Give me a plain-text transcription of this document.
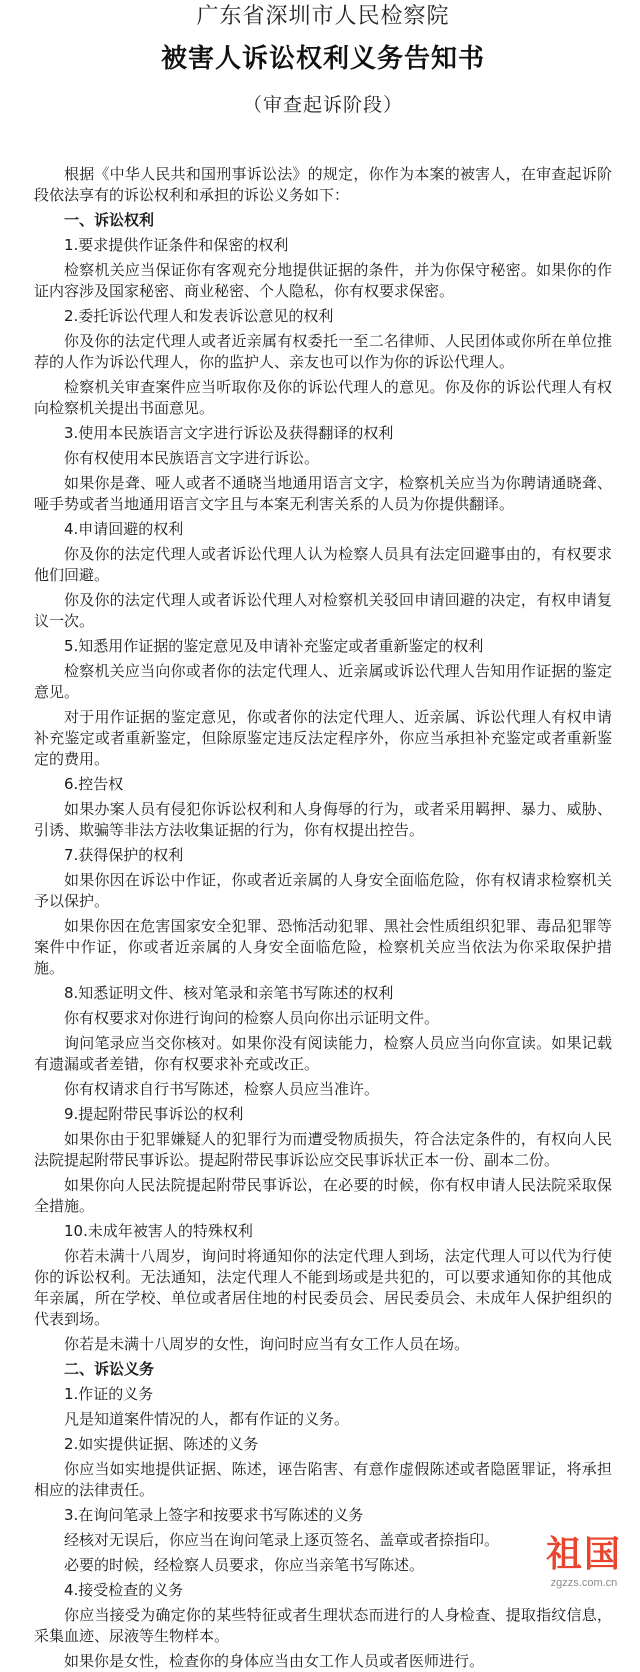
广东省深圳市人民检察院
被害人诉讼权利义务告知书
（审查起诉阶段）

根据《中华人民共和国刑事诉讼法》的规定，你作为本案的被害人，在审查起诉阶段依法享有的诉讼权利和承担的诉讼义务如下：

一、诉讼权利

1.要求提供作证条件和保密的权利

检察机关应当保证你有客观充分地提供证据的条件，并为你保守秘密。如果你的作证内容涉及国家秘密、商业秘密、个人隐私，你有权要求保密。

2.委托诉讼代理人和发表诉讼意见的权利

你及你的法定代理人或者近亲属有权委托一至二名律师、人民团体或你所在单位推荐的人作为诉讼代理人，你的监护人、亲友也可以作为你的诉讼代理人。

检察机关审查案件应当听取你及你的诉讼代理人的意见。你及你的诉讼代理人有权向检察机关提出书面意见。

3.使用本民族语言文字进行诉讼及获得翻译的权利

你有权使用本民族语言文字进行诉讼。

如果你是聋、哑人或者不通晓当地通用语言文字，检察机关应当为你聘请通晓聋、哑手势或者当地通用语言文字且与本案无利害关系的人员为你提供翻译。

4.申请回避的权利

你及你的法定代理人或者诉讼代理人认为检察人员具有法定回避事由的，有权要求他们回避。

你及你的法定代理人或者诉讼代理人对检察机关驳回申请回避的决定，有权申请复议一次。

5.知悉用作证据的鉴定意见及申请补充鉴定或者重新鉴定的权利

检察机关应当向你或者你的法定代理人、近亲属或诉讼代理人告知用作证据的鉴定意见。

对于用作证据的鉴定意见，你或者你的法定代理人、近亲属、诉讼代理人有权申请补充鉴定或者重新鉴定，但除原鉴定违反法定程序外，你应当承担补充鉴定或者重新鉴定的费用。

6.控告权

如果办案人员有侵犯你诉讼权利和人身侮辱的行为，或者采用羁押、暴力、威胁、引诱、欺骗等非法方法收集证据的行为，你有权提出控告。

7.获得保护的权利

如果你因在诉讼中作证，你或者近亲属的人身安全面临危险，你有权请求检察机关予以保护。

如果你因在危害国家安全犯罪、恐怖活动犯罪、黑社会性质组织犯罪、毒品犯罪等案件中作证，你或者近亲属的人身安全面临危险，检察机关应当依法为你采取保护措施。

8.知悉证明文件、核对笔录和亲笔书写陈述的权利

你有权要求对你进行询问的检察人员向你出示证明文件。

询问笔录应当交你核对。如果你没有阅读能力，检察人员应当向你宣读。如果记载有遗漏或者差错，你有权要求补充或改正。

你有权请求自行书写陈述，检察人员应当准许。

9.提起附带民事诉讼的权利

如果你由于犯罪嫌疑人的犯罪行为而遭受物质损失，符合法定条件的，有权向人民法院提起附带民事诉讼。提起附带民事诉讼应交民事诉状正本一份、副本二份。

如果你向人民法院提起附带民事诉讼，在必要的时候，你有权申请人民法院采取保全措施。

10.未成年被害人的特殊权利

你若未满十八周岁，询问时将通知你的法定代理人到场，法定代理人可以代为行使你的诉讼权利。无法通知，法定代理人不能到场或是共犯的，可以要求通知你的其他成年亲属，所在学校、单位或者居住地的村民委员会、居民委员会、未成年人保护组织的代表到场。

你若是未满十八周岁的女性，询问时应当有女工作人员在场。

二、诉讼义务

1.作证的义务

凡是知道案件情况的人，都有作证的义务。

2.如实提供证据、陈述的义务

你应当如实地提供证据、陈述，诬告陷害、有意作虚假陈述或者隐匿罪证，将承担相应的法律责任。

3.在询问笔录上签字和按要求书写陈述的义务

经核对无误后，你应当在询问笔录上逐页签名、盖章或者捺指印。

必要的时候，经检察人员要求，你应当亲笔书写陈述。

4.接受检查的义务

你应当接受为确定你的某些特征或者生理状态而进行的人身检查、提取指纹信息，采集血迹、尿液等生物样本。

如果你是女性，检查你的身体应当由女工作人员或者医师进行。

祖国
zgzzs.com.cn
